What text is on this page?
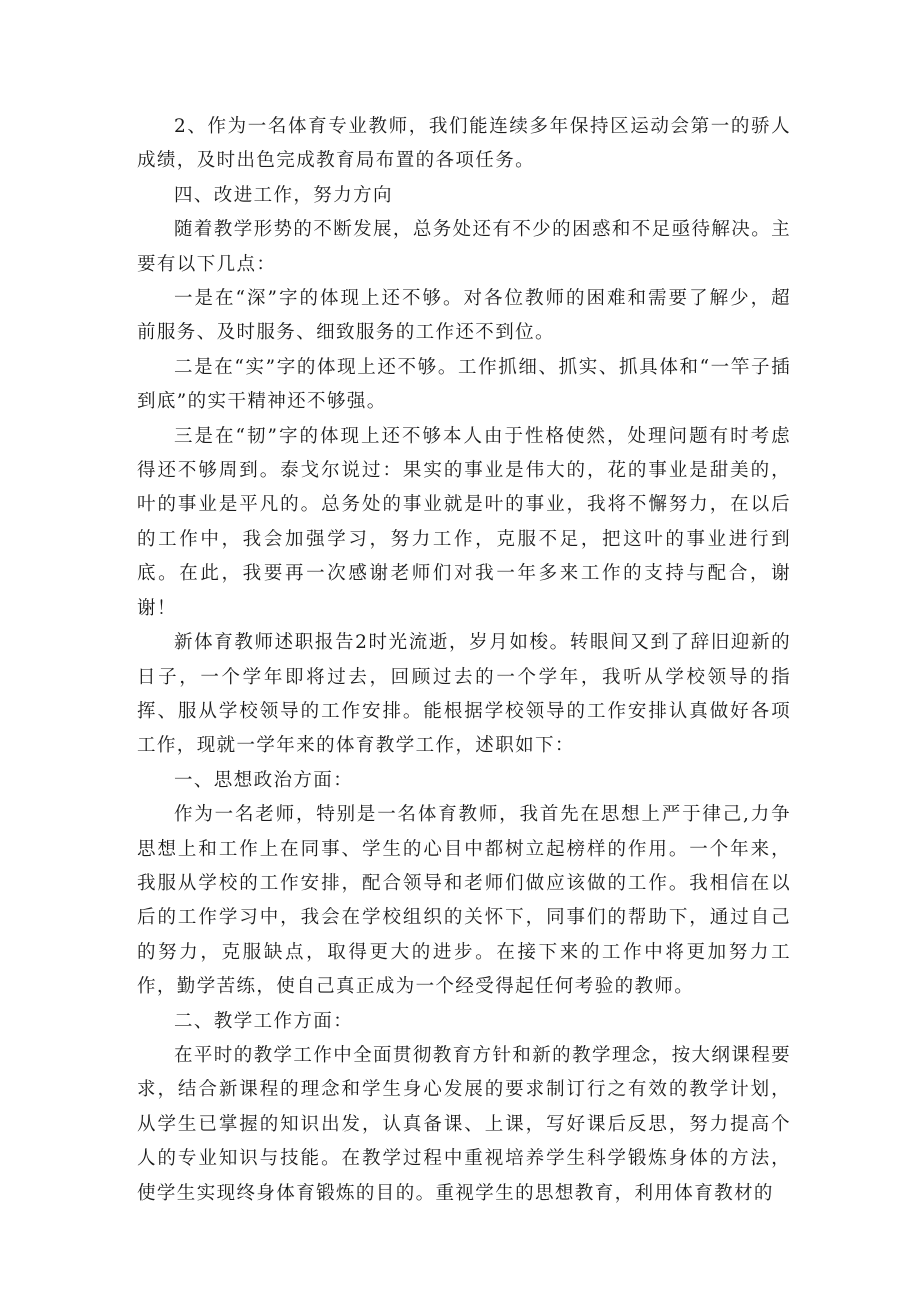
2、作为一名体育专业教师，我们能连续多年保持区运动会第一的骄人成绩，及时出色完成教育局布置的各项任务。

四、改进工作，努力方向

随着教学形势的不断发展，总务处还有不少的困惑和不足亟待解决。主要有以下几点：

一是在“深”字的体现上还不够。对各位教师的困难和需要了解少，超前服务、及时服务、细致服务的工作还不到位。

二是在“实”字的体现上还不够。工作抓细、抓实、抓具体和“一竿子插到底”的实干精神还不够强。

三是在“韧”字的体现上还不够本人由于性格使然，处理问题有时考虑得还不够周到。泰戈尔说过：果实的事业是伟大的，花的事业是甜美的，叶的事业是平凡的。总务处的事业就是叶的事业，我将不懈努力，在以后的工作中，我会加强学习，努力工作，克服不足，把这叶的事业进行到底。在此，我要再一次感谢老师们对我一年多来工作的支持与配合，谢谢！

新体育教师述职报告2时光流逝，岁月如梭。转眼间又到了辞旧迎新的日子，一个学年即将过去，回顾过去的一个学年，我听从学校领导的指挥、服从学校领导的工作安排。能根据学校领导的工作安排认真做好各项工作，现就一学年来的体育教学工作，述职如下：

一、思想政治方面：

作为一名老师，特别是一名体育教师，我首先在思想上严于律己,力争思想上和工作上在同事、学生的心目中都树立起榜样的作用。一个年来，我服从学校的工作安排，配合领导和老师们做应该做的工作。我相信在以后的工作学习中，我会在学校组织的关怀下，同事们的帮助下，通过自己的努力，克服缺点，取得更大的进步。在接下来的工作中将更加努力工作，勤学苦练，使自己真正成为一个经受得起任何考验的教师。

二、教学工作方面：

在平时的教学工作中全面贯彻教育方针和新的教学理念，按大纲课程要求，结合新课程的理念和学生身心发展的要求制订行之有效的教学计划，从学生已掌握的知识出发，认真备课、上课，写好课后反思，努力提高个人的专业知识与技能。在教学过程中重视培养学生科学锻炼身体的方法，使学生实现终身体育锻炼的目的。重视学生的思想教育，利用体育教材的
